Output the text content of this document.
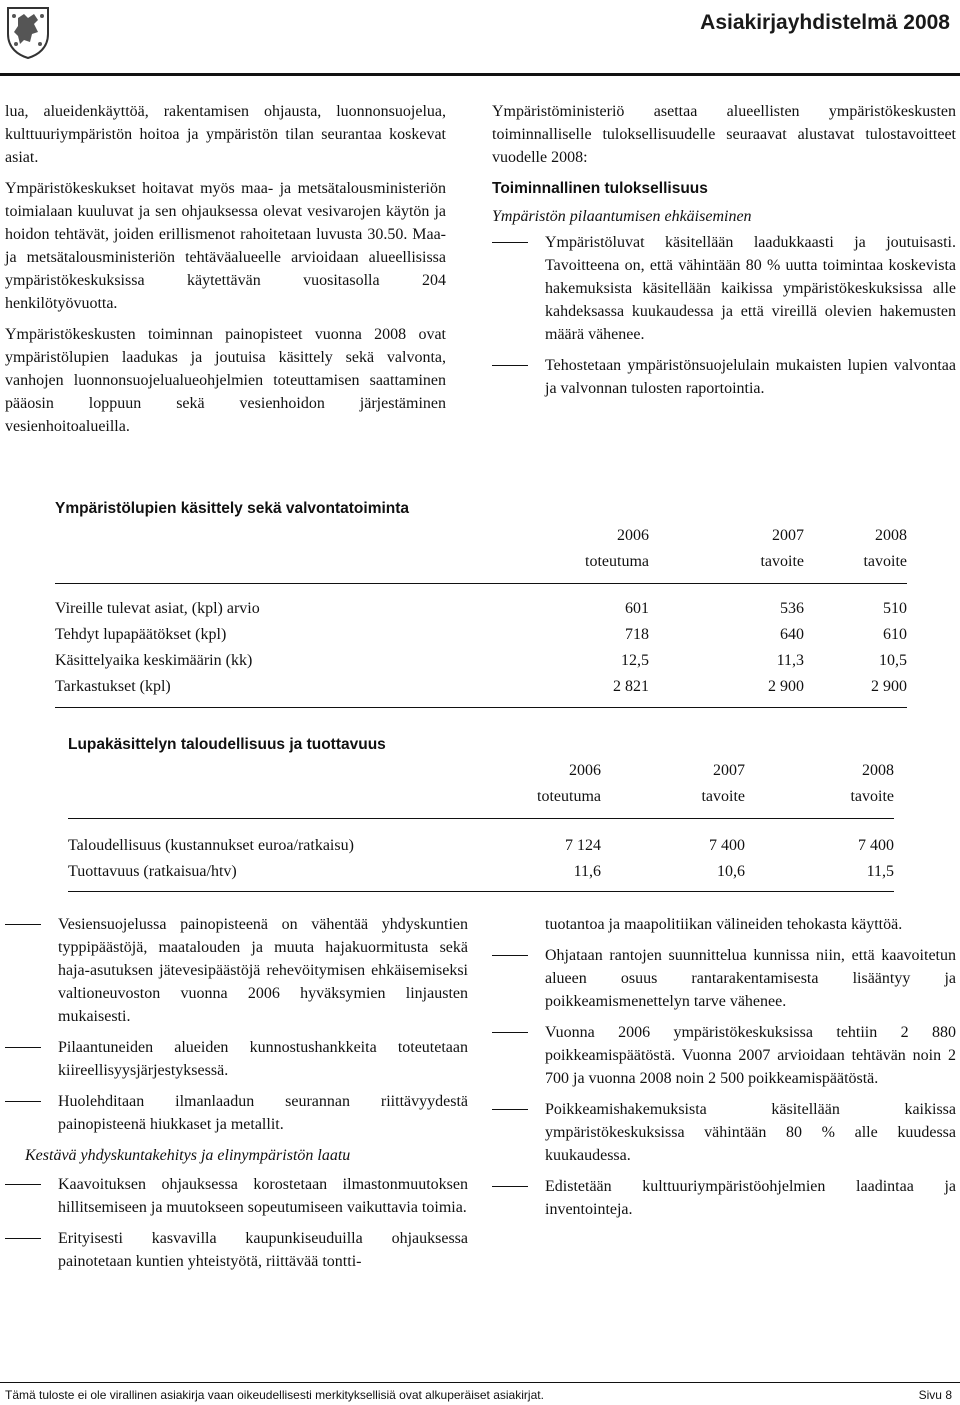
Asiakirjayhdistelmä 2008

lua, alueidenkäyttöä, rakentamisen ohjausta, luonnonsuojelua, kulttuuriympäristön hoitoa ja ympäristön tilan seurantaa koskevat asiat.

Ympäristökeskukset hoitavat myös maa- ja metsätalousministeriön toimialaan kuuluvat ja sen ohjauksessa olevat vesivarojen käytön ja hoidon tehtävät, joiden erillismenot rahoitetaan luvusta 30.50. Maa- ja metsätalousministeriön tehtäväalueelle arvioidaan alueellisissa ympäristökeskuksissa käytettävän vuositasolla 204 henkilötyövuotta.

Ympäristökeskusten toiminnan painopisteet vuonna 2008 ovat ympäristölupien laadukas ja joutuisa käsittely sekä valvonta, vanhojen luonnonsuojelualueohjelmien toteuttamisen saattaminen pääosin loppuun sekä vesienhoidon järjestäminen vesienhoitoalueilla.

Ympäristöministeriö asettaa alueellisten ympäristökeskusten toiminnalliselle tuloksellisuudelle seuraavat alustavat tulostavoitteet vuodelle 2008:

Toiminnallinen tuloksellisuus

Ympäristön pilaantumisen ehkäiseminen

Ympäristöluvat käsitellään laadukkaasti ja joutuisasti. Tavoitteena on, että vähintään 80 % uutta toimintaa koskevista hakemuksista käsitellään kaikissa ympäristökeskuksissa alle kahdeksassa kuukaudessa ja että vireillä olevien hakemusten määrä vähenee.
Tehostetaan ympäristönsuojelulain mukaisten lupien valvontaa ja valvonnan tulosten raportointia.
Ympäristölupien käsittely sekä valvontatoiminta
	2006	2007	2008
	toteutuma	tavoite	tavoite

Vireille tulevat asiat, (kpl) arvio	601	536	510
Tehdyt lupapäätökset (kpl)	718	640	610
Käsittelyaika keskimäärin (kk)	12,5	11,3	10,5
Tarkastukset (kpl)	2 821	2 900	2 900

Lupakäsittelyn taloudellisuus ja tuottavuus
	2006	2007	2008
	toteutuma	tavoite	tavoite

Taloudellisuus (kustannukset euroa/ratkaisu)	7 124	7 400	7 400
Tuottavuus (ratkaisua/htv)	11,6	10,6	11,5

Vesiensuojelussa painopisteenä on vähentää yhdyskuntien typpipäästöjä, maatalouden ja muuta hajakuormitusta sekä haja-asutuksen jätevesipäästöjä rehevöitymisen ehkäisemiseksi valtioneuvoston vuonna 2006 hyväksymien linjausten mukaisesti.
Pilaantuneiden alueiden kunnostushankkeita toteutetaan kiireellisyysjärjestyksessä.
Huolehditaan ilmanlaadun seurannan riittävyydestä painopisteenä hiukkaset ja metallit.

Kestävä yhdyskuntakehitys ja elinympäristön laatu

Kaavoituksen ohjauksessa korostetaan ilmastonmuutoksen hillitsemiseen ja muutokseen sopeutumiseen vaikuttavia toimia.
Erityisesti kasvavilla kaupunkiseuduilla ohjauksessa painotetaan kuntien yhteistyötä, riittävää tontti-

tuotantoa ja maapolitiikan välineiden tehokasta käyttöä.

Ohjataan rantojen suunnittelua kunnissa niin, että kaavoitetun alueen osuus rantarakentamisesta lisääntyy ja poikkeamismenettelyn tarve vähenee.
Vuonna 2006 ympäristökeskuksissa tehtiin 2 880 poikkeamispäätöstä. Vuonna 2007 arvioidaan tehtävän noin 2 700 ja vuonna 2008 noin 2 500 poikkeamispäätöstä.
Poikkeamishakemuksista käsitellään kaikissa ympäristökeskuksissa vähintään 80 % alle kuudessa kuukaudessa.
Edistetään kulttuuriympäristöohjelmien laadintaa ja inventointeja.
Tämä tuloste ei ole virallinen asiakirja vaan oikeudellisesti merkityksellisiä ovat alkuperäiset asiakirjat.	Sivu 8
